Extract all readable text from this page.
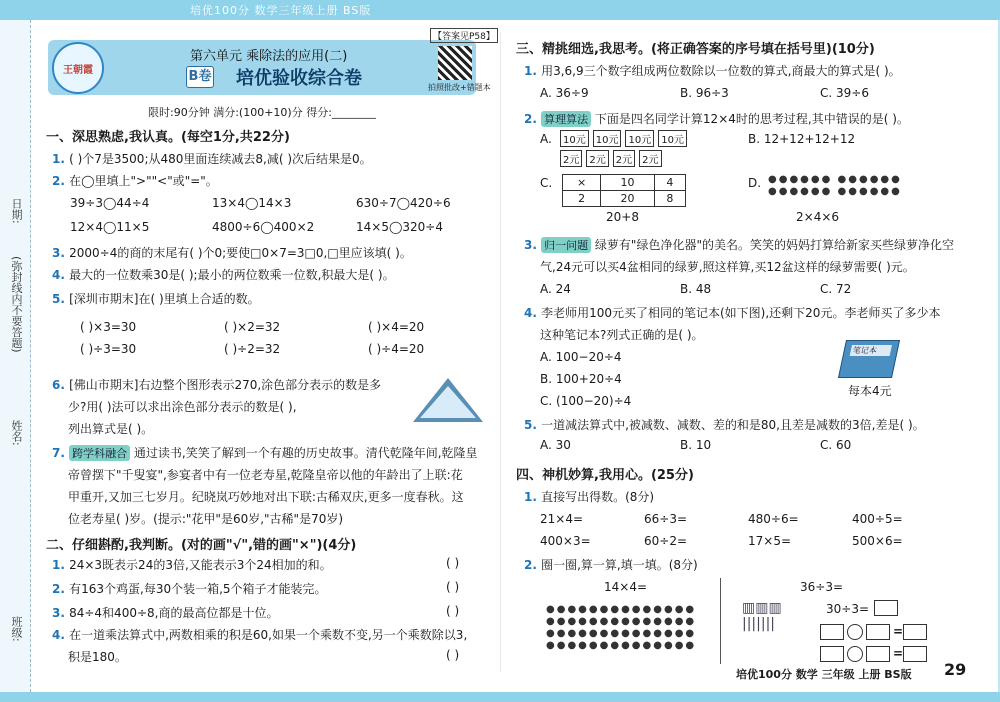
培优100分 数学三年级上册 BS版
日期:
(弥封线内不要答题)
姓名:
班级:
王朝霞
第六单元 乘除法的应用(二)
B卷 培优验收综合卷
【答案见P58】
拍照批改+错题本
限时:90分钟 满分:(100+10)分 得分:________
一、深思熟虑,我认真。(每空1分,共22分)
1. ( )个7是3500;从480里面连续减去8,减( )次后结果是0。
2. 在◯里填上">""<"或"="。
39÷3◯44÷4	13×4◯14×3	630÷7◯420÷6
12×4◯11×5	4800÷6◯400×2	14×5◯320÷4
3. 2000÷4的商的末尾有( )个0;要使□0×7=3□0,□里应该填( )。
4. 最大的一位数乘30是( );最小的两位数乘一位数,积最大是( )。
5. [深圳市期末]在( )里填上合适的数。
( )×3=30	( )×2=32	( )×4=20
( )÷3=30	( )÷2=32	( )÷4=20
6. [佛山市期末]右边整个图形表示270,涂色部分表示的数是多
少?用( )法可以求出涂色部分表示的数是( ),
列出算式是( )。
7. 跨学科融合 通过读书,笑笑了解到一个有趣的历史故事。清代乾隆年间,乾隆皇
帝曾摆下"千叟宴",参宴者中有一位老寿星,乾隆皇帝以他的年龄出了上联:花
甲重开,又加三七岁月。纪晓岚巧妙地对出下联:古稀双庆,更多一度春秋。这
位老寿星( )岁。(提示:"花甲"是60岁,"古稀"是70岁)
二、仔细斟酌,我判断。(对的画"√",错的画"×")(4分)
1. 24×3既表示24的3倍,又能表示3个24相加的和。	( )
2. 有163个鸡蛋,每30个装一箱,5个箱子才能装完。	( )
3. 84÷4和400÷8,商的最高位都是十位。	( )
4. 在一道乘法算式中,两数相乘的积是60,如果一个乘数不变,另一个乘数除以3,
积是180。	( )
三、精挑细选,我思考。(将正确答案的序号填在括号里)(10分)
1. 用3,6,9三个数字组成两位数除以一位数的算式,商最大的算式是( )。
A. 36÷9	B. 96÷3	C. 39÷6
2. 算理算法 下面是四名同学计算12×4时的思考过程,其中错误的是( )。
A.	10元 10元 10元 10元
2元 2元 2元 2元
B. 12+12+12+12
C. ×	10	4
2	20	8
20+8
D. ●●●●●● ●●●●●●
●●●●●● ●●●●●●
2×4×6
3. 归一问题 绿萝有"绿色净化器"的美名。笑笑的妈妈打算给新家买些绿萝净化空
气,24元可以买4盆相同的绿萝,照这样算,买12盆这样的绿萝需要( )元。
A. 24	B. 48	C. 72
4. 李老师用100元买了相同的笔记本(如下图),还剩下20元。李老师买了多少本
这种笔记本?列式正确的是( )。
A. 100−20÷4
B. 100+20÷4
C. (100−20)÷4
笔记本
每本4元
5. 一道减法算式中,被减数、减数、差的和是80,且差是减数的3倍,差是( )。
A. 30	B. 10	C. 60
四、神机妙算,我用心。(25分)
1. 直接写出得数。(8分)
21×4=	66÷3=	480÷6=	400÷5=
400×3=	60÷2=	17×5=	500×6=
2. 圈一圈,算一算,填一填。(8分)
14×4=
●●●●●●●●●●●●●●
●●●●●●●●●●●●●●
●●●●●●●●●●●●●●
●●●●●●●●●●●●●●
36÷3=
▥▥▥
|||||||
30÷3=
=
=
培优100分 数学 三年级 上册 BS版 29
